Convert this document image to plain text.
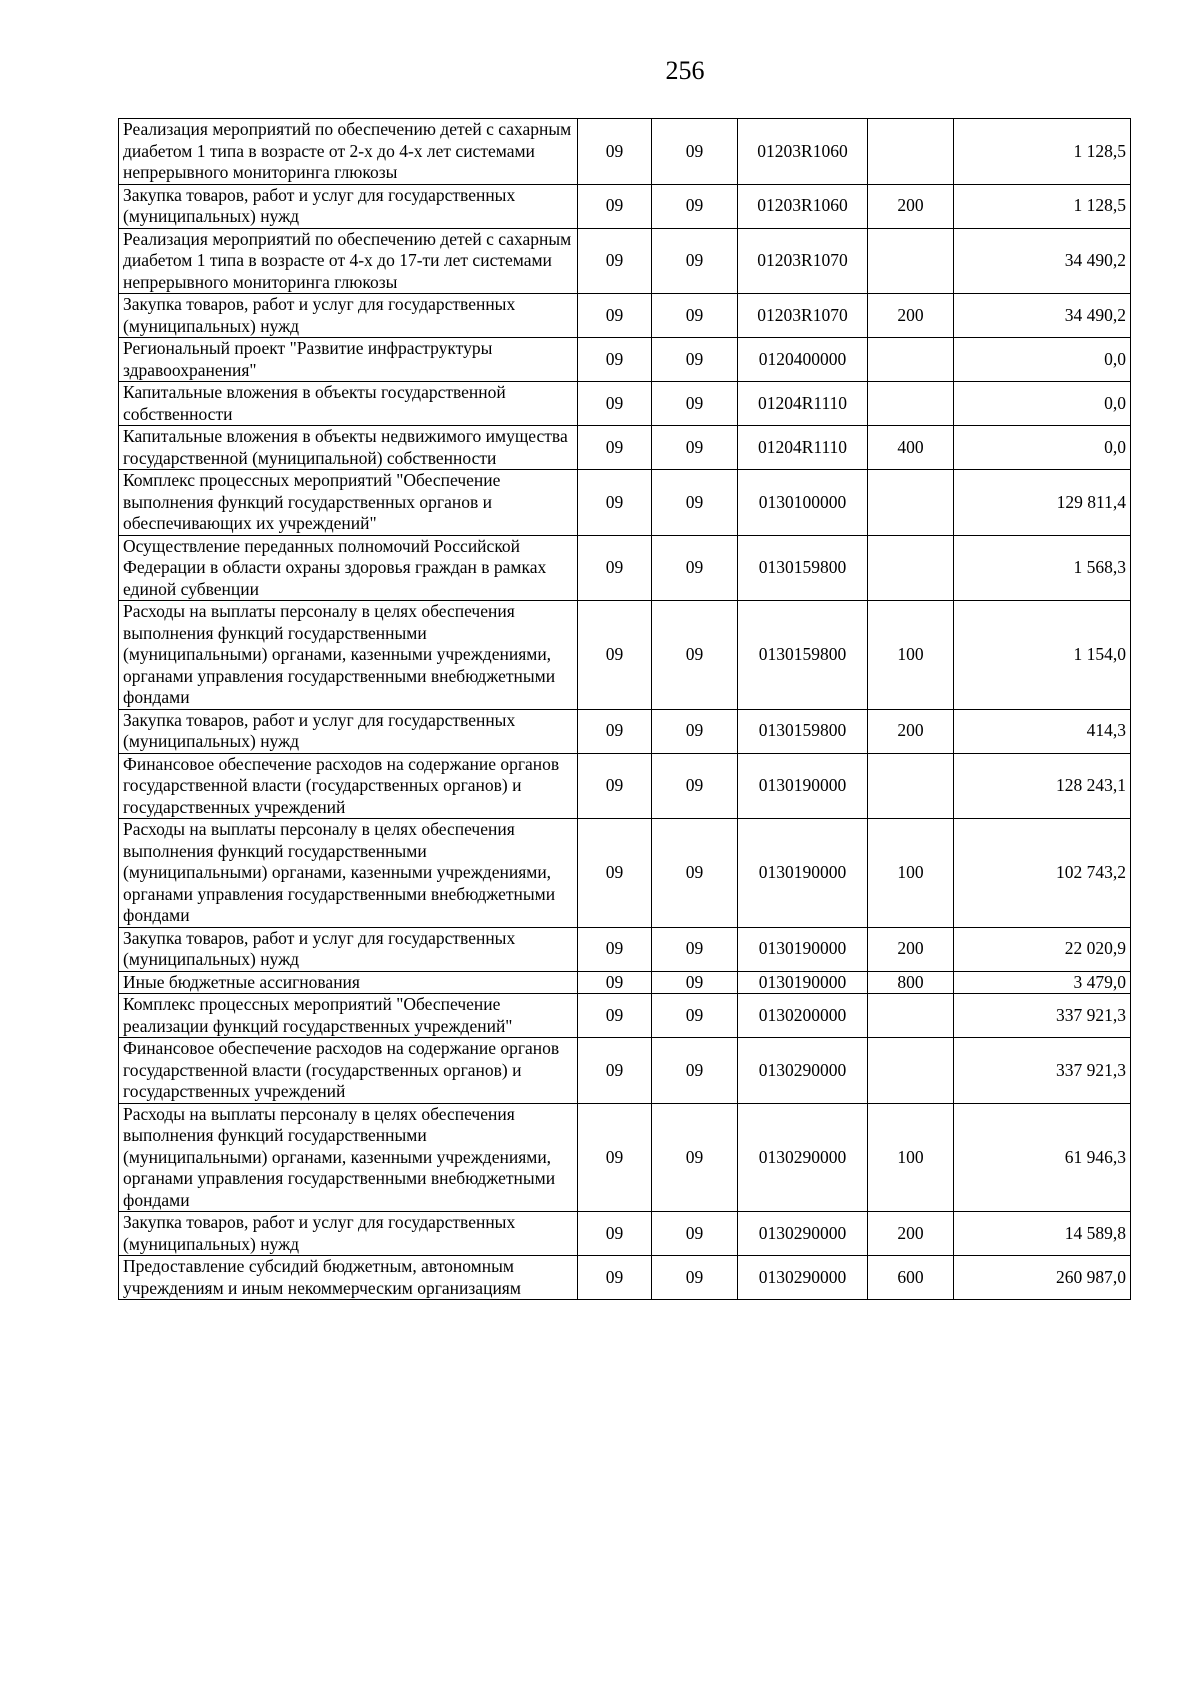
256
Реализация мероприятий по обеспечению детей с сахарным диабетом 1 типа в возрасте от 2-х до 4-х лет системами непрерывного мониторинга глюкозы	09	09	01203R1060		1 128,5
Закупка товаров, работ и услуг для государственных (муниципальных) нужд	09	09	01203R1060	200	1 128,5
Реализация мероприятий по обеспечению детей с сахарным диабетом 1 типа в возрасте от 4-х до 17-ти лет системами непрерывного мониторинга глюкозы	09	09	01203R1070		34 490,2
Закупка товаров, работ и услуг для государственных (муниципальных) нужд	09	09	01203R1070	200	34 490,2
Региональный проект "Развитие инфраструктуры здравоохранения"	09	09	0120400000		0,0
Капитальные вложения в объекты государственной собственности	09	09	01204R1110		0,0
Капитальные вложения в объекты недвижимого имущества государственной (муниципальной) собственности	09	09	01204R1110	400	0,0
Комплекс процессных мероприятий "Обеспечение выполнения функций государственных органов и обеспечивающих их учреждений"	09	09	0130100000		129 811,4
Осуществление переданных полномочий Российской Федерации в области охраны здоровья граждан в рамках единой субвенции	09	09	0130159800		1 568,3
Расходы на выплаты персоналу в целях обеспечения выполнения функций государственными (муниципальными) органами, казенными учреждениями, органами управления государственными внебюджетными фондами	09	09	0130159800	100	1 154,0
Закупка товаров, работ и услуг для государственных (муниципальных) нужд	09	09	0130159800	200	414,3
Финансовое обеспечение расходов на содержание органов государственной власти (государственных органов) и государственных учреждений	09	09	0130190000		128 243,1
Расходы на выплаты персоналу в целях обеспечения выполнения функций государственными (муниципальными) органами, казенными учреждениями, органами управления государственными внебюджетными фондами	09	09	0130190000	100	102 743,2
Закупка товаров, работ и услуг для государственных (муниципальных) нужд	09	09	0130190000	200	22 020,9
Иные бюджетные ассигнования	09	09	0130190000	800	3 479,0
Комплекс процессных мероприятий "Обеспечение реализации функций государственных учреждений"	09	09	0130200000		337 921,3
Финансовое обеспечение расходов на содержание органов государственной власти (государственных органов) и государственных учреждений	09	09	0130290000		337 921,3
Расходы на выплаты персоналу в целях обеспечения выполнения функций государственными (муниципальными) органами, казенными учреждениями, органами управления государственными внебюджетными фондами	09	09	0130290000	100	61 946,3
Закупка товаров, работ и услуг для государственных (муниципальных) нужд	09	09	0130290000	200	14 589,8
Предоставление субсидий бюджетным, автономным учреждениям и иным некоммерческим организациям	09	09	0130290000	600	260 987,0
